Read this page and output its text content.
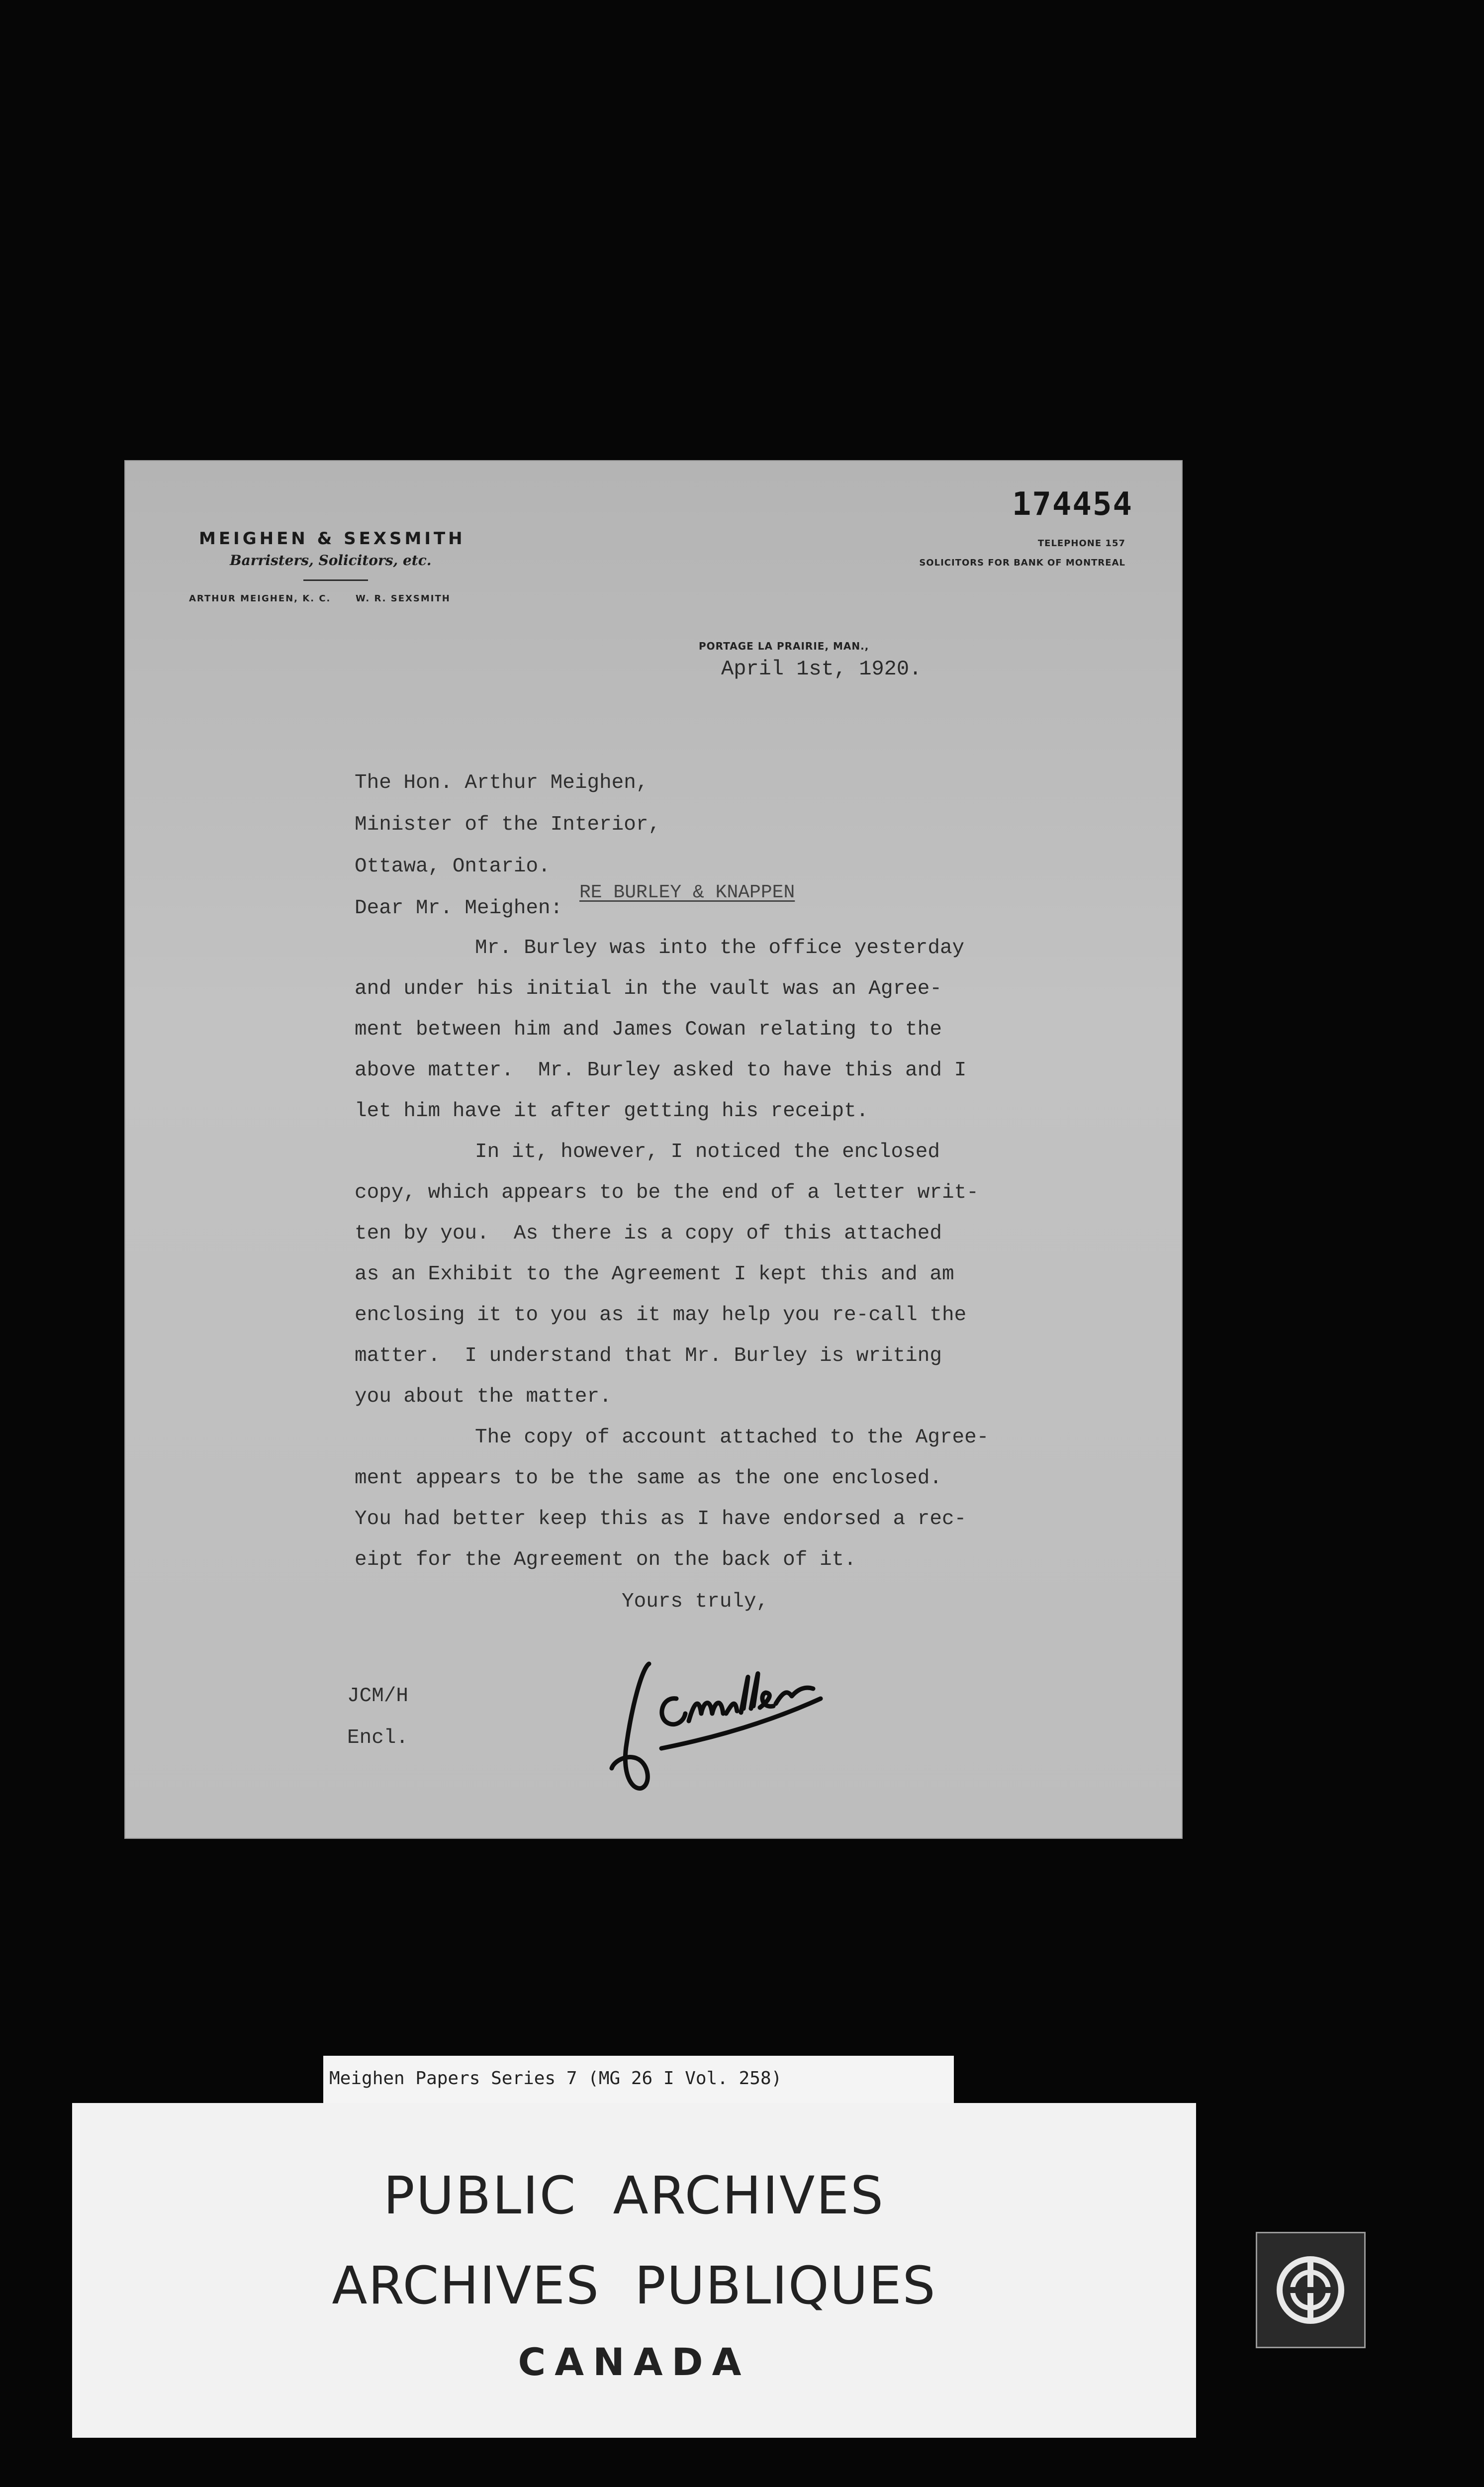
MEIGHEN & SEXSMITH
Barristers, Solicitors, etc.
ARTHUR MEIGHEN, K. C.      W. R. SEXSMITH
174454
TELEPHONE 157
SOLICITORS FOR BANK OF MONTREAL
PORTAGE LA PRAIRIE, MAN.,
April 1st, 1920.
The Hon. Arthur Meighen,
Minister of the Interior,
Ottawa, Ontario.
Dear Mr. Meighen:
RE BURLEY & KNAPPEN
Mr. Burley was into the office yesterday
and under his initial in the vault was an Agree-
ment between him and James Cowan relating to the
above matter.  Mr. Burley asked to have this and I
let him have it after getting his receipt.
In it, however, I noticed the enclosed
copy, which appears to be the end of a letter writ-
ten by you.  As there is a copy of this attached
as an Exhibit to the Agreement I kept this and am
enclosing it to you as it may help you re-call the
matter.  I understand that Mr. Burley is writing
you about the matter.
The copy of account attached to the Agree-
ment appears to be the same as the one enclosed.
You had better keep this as I have endorsed a rec-
eipt for the Agreement on the back of it.
Yours truly,
JCM/H
Encl.
Meighen Papers Series 7 (MG 26 I Vol. 258)
PUBLIC  ARCHIVES
ARCHIVES  PUBLIQUES
CANADA
